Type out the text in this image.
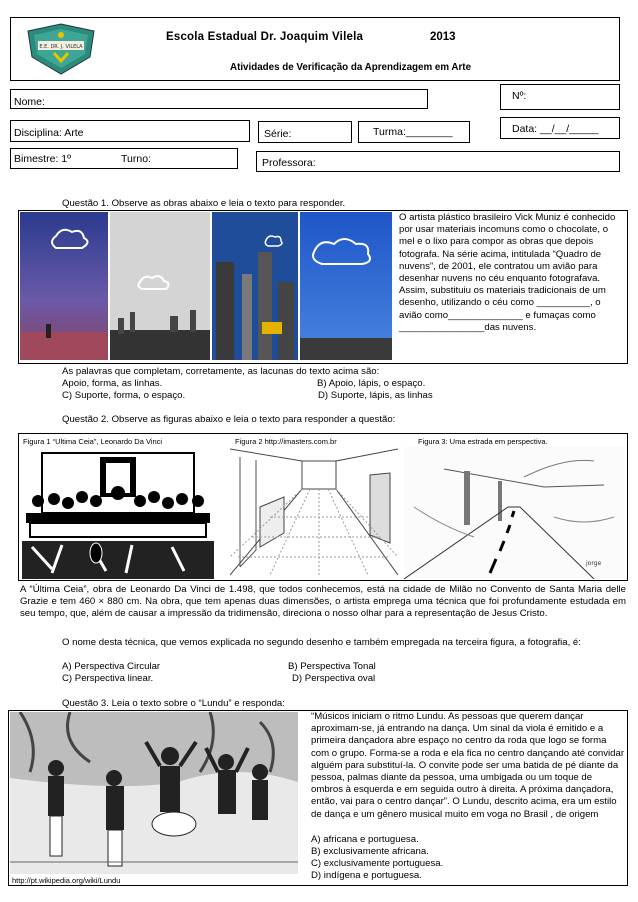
E.E. DR. J. VILELA
Escola Estadual Dr. Joaquim Vilela	2013
Atividades de Verificação da Aprendizagem em Arte
Nome:	Nº:
Disciplina: Arte	Série:	Turma:________	Data: __/__/_____
Bimestre: 1º	Turno:	Professora:
Questão 1. Observe as obras abaixo e leia o texto para responder.
O artista plástico brasileiro Vick Muniz é conhecido por usar materiais incomuns como o chocolate, o mel e o lixo para compor as obras que depois fotografa. Na série acima, intitulada “Quadro de nuvens”, de 2001, ele contratou um avião para desenhar nuvens no céu enquanto fotografava. Assim, substituiu os materiais tradicionais de um desenho, utilizando o céu como __________, o avião como______________ e fumaças como ________________das nuvens.
As palavras que completam, corretamente, as lacunas do texto acima são:
Apoio, forma, as linhas.	B) Apoio, lápis, o espaço.
C) Suporte, forma, o espaço.	D) Suporte, lápis, as linhas
Questão 2. Observe as figuras abaixo e leia o texto para responder a questão:
Figura 1 “Ultima Ceia”, Leonardo Da Vinci	Figura 2 http://imasters.com.br	Figura 3: Uma estrada em perspectiva.
jorge
A “Última Ceia”, obra de Leonardo Da Vinci de 1.498, que todos conhecemos, está na cidade de Milão no Convento de Santa Maria delle Grazie e tem 460 × 880 cm. Na obra, que tem apenas duas dimensões, o artista emprega uma técnica que foi profundamente estudada em seu tempo, que, além de causar a impressão da tridimensão, direciona o nosso olhar para a representação de Jesus Cristo.
O nome desta técnica, que vemos explicada no segundo desenho e também empregada na terceira figura, a fotografia, é:
A) Perspectiva Circular	B) Perspectiva Tonal
C) Perspectiva linear.	D) Perspectiva oval
Questão 3. Leia o texto sobre o “Lundu” e responda:
http://pt.wikipedia.org/wiki/Lundu
“Músicos iniciam o ritmo Lundu. As pessoas que querem dançar aproximam-se, já entrando na dança. Um sinal da viola é emitido e a primeira dançadora abre espaço no centro da roda que logo se forma com o grupo. Forma-se a roda e ela fica no centro dançando até convidar alguém para substituí-la. O convite pode ser uma batida de pé diante da pessoa, palmas diante da pessoa, uma umbigada ou um toque de ombros à esquerda e em seguida outro à direita. A próxima dançadora, então, vai para o centro dançar”. O Lundu, descrito acima, era um estilo de dança e um gênero musical muito em voga no Brasil , de origem
A) africana e portuguesa.
B) exclusivamente africana.
C) exclusivamente portuguesa.
D) indígena e portuguesa.
